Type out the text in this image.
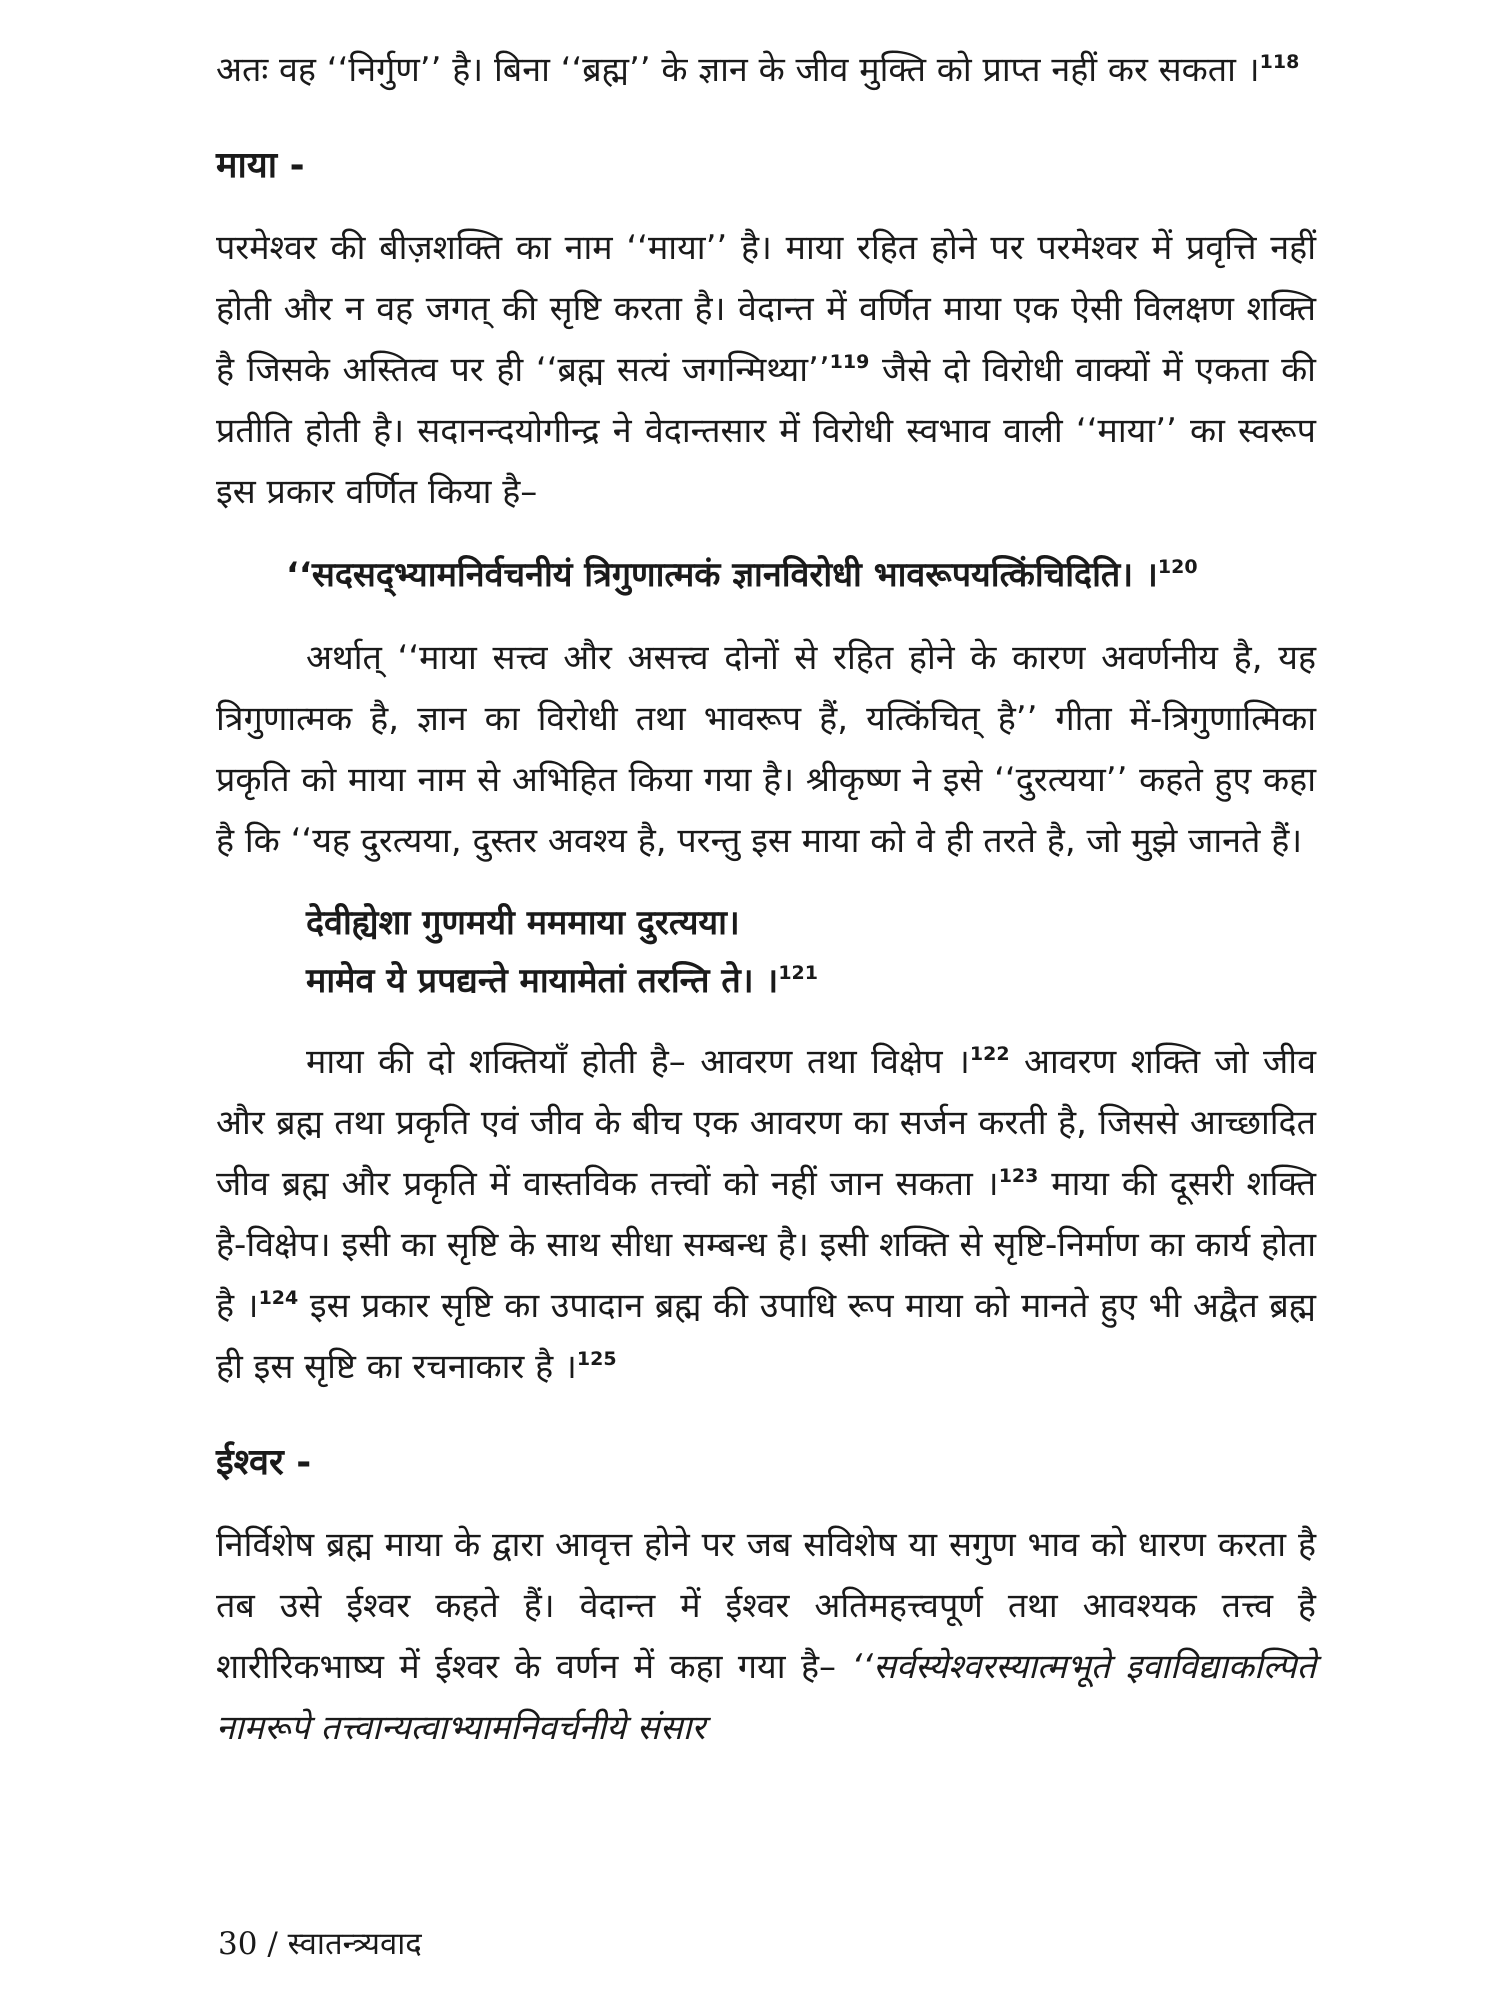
अतः वह ‘‘निर्गुण’’ है। बिना ‘‘ब्रह्म’’ के ज्ञान के जीव मुक्ति को प्राप्त नहीं कर सकता ।$^{118}$

माया -

परमेश्वर की बीज़शक्ति का नाम ‘‘माया’’ है। माया रहित होने पर परमेश्वर में प्रवृत्ति नहीं होती और न वह जगत् की सृष्टि करता है। वेदान्त में वर्णित माया एक ऐसी विलक्षण शक्ति है जिसके अस्तित्व पर ही ‘‘ब्रह्म सत्यं जगन्मिथ्या’’$^{119}$ जैसे दो विरोधी वाक्यों में एकता की प्रतीति होती है। सदानन्दयोगीन्द्र ने वेदान्तसार में विरोधी स्वभाव वाली ‘‘माया’’ का स्वरूप इस प्रकार वर्णित किया है–

‘‘सदसद्भ्यामनिर्वचनीयं त्रिगुणात्मकं ज्ञानविरोधी भावरूपयत्किंचिदिति। ।$^{120}$

अर्थात् ‘‘माया सत्त्व और असत्त्व दोनों से रहित होने के कारण अवर्णनीय है, यह त्रिगुणात्मक है, ज्ञान का विरोधी तथा भावरूप हैं, यत्किंचित् है’’ गीता में-त्रिगुणात्मिका प्रकृति को माया नाम से अभिहित किया गया है। श्रीकृष्ण ने इसे ‘‘दुरत्यया’’ कहते हुए कहा है कि ‘‘यह दुरत्यया, दुस्तर अवश्य है, परन्तु इस माया को वे ही तरते है, जो मुझे जानते हैं।

देवीह्येशा गुणमयी मममाया दुरत्यया।
मामेव ये प्रपद्यन्ते मायामेतां तरन्ति ते। ।$^{121}$

माया की दो शक्तियाँ होती है– आवरण तथा विक्षेप ।$^{122}$ आवरण शक्ति जो जीव और ब्रह्म तथा प्रकृति एवं जीव के बीच एक आवरण का सर्जन करती है, जिससे आच्छादित जीव ब्रह्म और प्रकृति में वास्तविक तत्त्वों को नहीं जान सकता ।$^{123}$ माया की दूसरी शक्ति है-विक्षेप। इसी का सृष्टि के साथ सीधा सम्बन्ध है। इसी शक्ति से सृष्टि-निर्माण का कार्य होता है ।$^{124}$ इस प्रकार सृष्टि का उपादान ब्रह्म की उपाधि रूप माया को मानते हुए भी अद्वैत ब्रह्म ही इस सृष्टि का रचनाकार है ।$^{125}$

ईश्वर -

निर्विशेष ब्रह्म माया के द्वारा आवृत्त होने पर जब सविशेष या सगुण भाव को धारण करता है तब उसे ईश्वर कहते हैं। वेदान्त में ईश्वर अतिमहत्त्वपूर्ण तथा आवश्यक तत्त्व है शारीरिकभाष्य में ईश्वर के वर्णन में कहा गया है– ‘‘सर्वस्येश्वरस्यात्मभूते इवाविद्याकल्पिते नामरूपे तत्त्वान्यत्वाभ्यामनिवर्चनीये संसार

30 / स्वातन्त्र्यवाद
